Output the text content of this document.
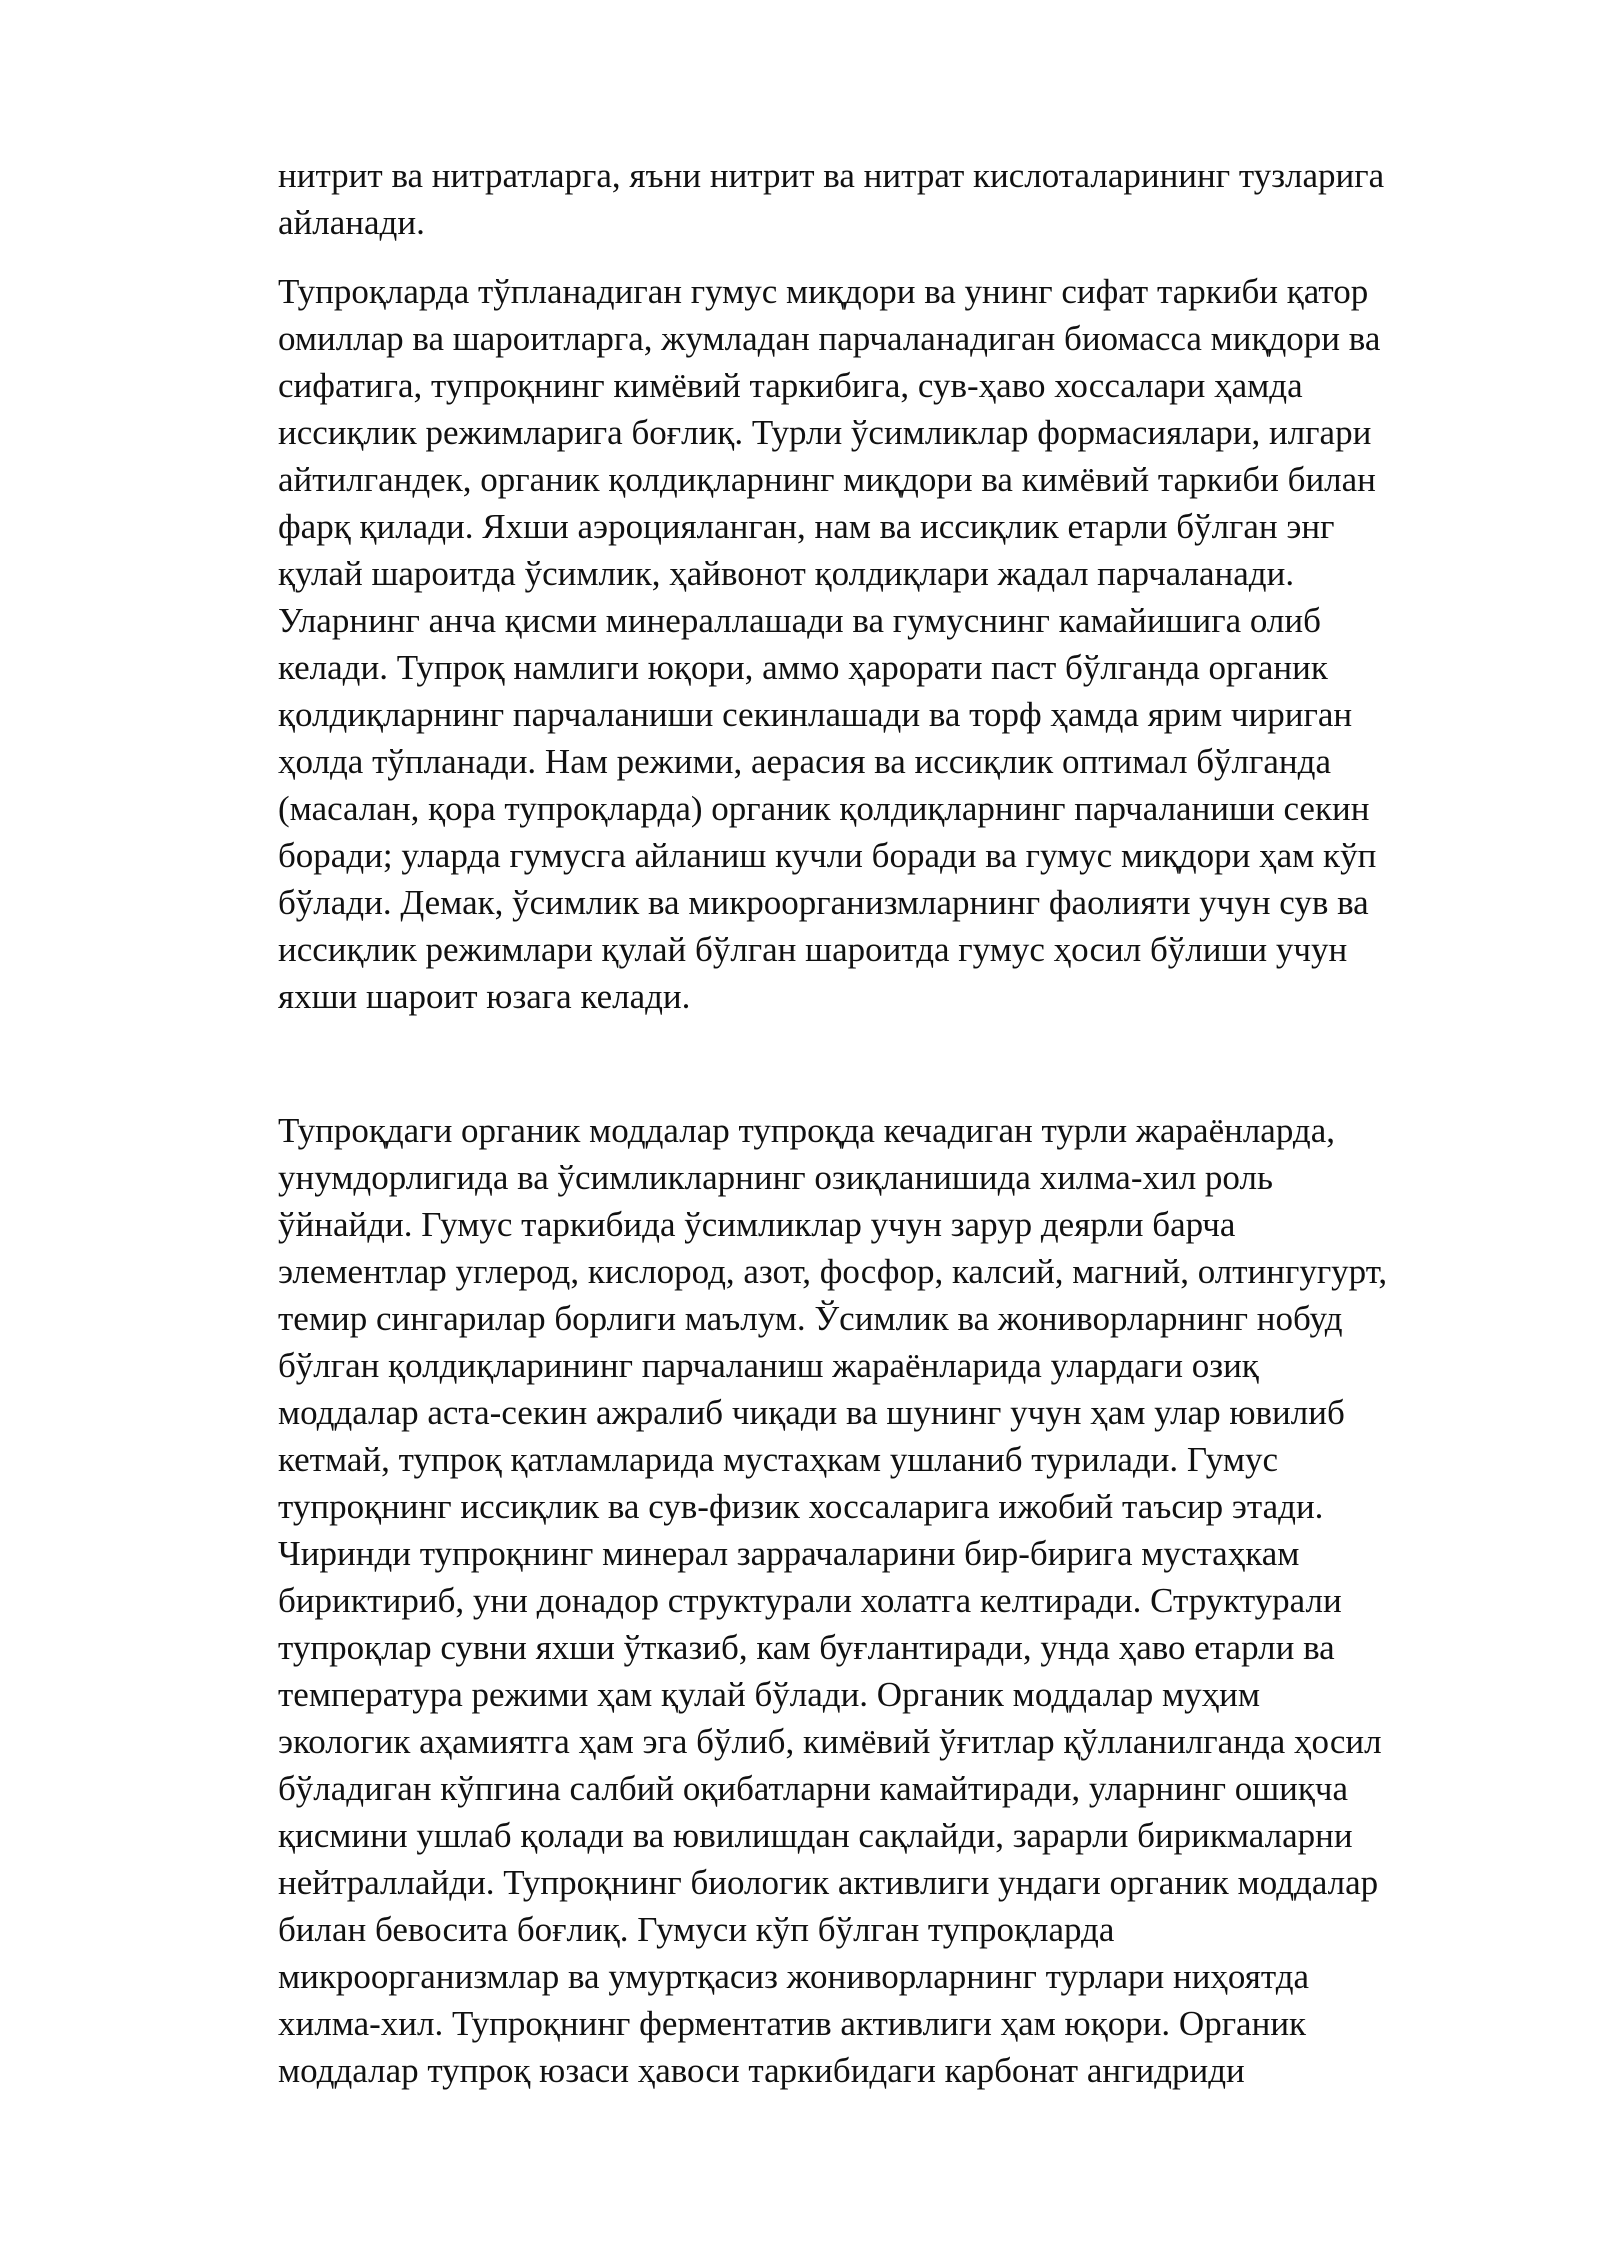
нитрит ва нитратларга, яъни нитрит ва нитрат кислоталарининг тузларига
айланади.
Тупроқларда тўпланадиган гумус миқдори ва унинг сифат таркиби қатор
омиллар ва шароитларга, жумладан парчаланадиган биомасса миқдори ва
сифатига, тупроқнинг кимёвий таркибига, сув-ҳаво хоссалари ҳамда
иссиқлик режимларига боғлиқ. Турли ўсимликлар формасиялари, илгари
айтилгандек, органик қолдиқларнинг миқдори ва кимёвий таркиби билан
фарқ қилади. Яхши аэроцияланган, нам ва иссиқлик етарли бўлган энг
қулай шароитда ўсимлик, ҳайвонот қолдиқлари жадал парчаланади.
Уларнинг анча қисми минераллашади ва гумуснинг камайишига олиб
келади. Тупроқ намлиги юқори, аммо ҳарорати паст бўлганда органик
қолдиқларнинг парчаланиши секинлашади ва торф ҳамда ярим чириган
ҳолда тўпланади. Нам режими, аерасия ва иссиқлик оптимал бўлганда
(масалан, қора тупроқларда) органик қолдиқларнинг парчаланиши секин
боради; уларда гумусга айланиш кучли боради ва гумус миқдори ҳам кўп
бўлади. Демак, ўсимлик ва микроорганизмларнинг фаолияти учун сув ва
иссиқлик режимлари қулай бўлган шароитда гумус ҳосил бўлиши учун
яхши шароит юзага келади.
Тупроқдаги органик моддалар тупроқда кечадиган турли жараёнларда,
унумдорлигида ва ўсимликларнинг озиқланишида хилма-хил роль
ўйнайди. Гумус таркибида ўсимликлар учун зарур деярли барча
элементлар углерод, кислород, азот, фосфор, калсий, магний, олтингугурт,
темир сингарилар борлиги маълум. Ўсимлик ва жониворларнинг нобуд
бўлган қолдиқларининг парчаланиш жараёнларида улардаги озиқ
моддалар аста-секин ажралиб чиқади ва шунинг учун ҳам улар ювилиб
кетмай, тупроқ қатламларида мустаҳкам ушланиб турилади. Гумус
тупроқнинг иссиқлик ва сув-физик хоссаларига ижобий таъсир этади.
Чиринди тупроқнинг минерал заррачаларини бир-бирига мустаҳкам
бириктириб, уни донадор структурали холатга келтиради. Структурали
тупроқлар сувни яхши ўтказиб, кам буғлантиради, унда ҳаво етарли ва
температура режими ҳам қулай бўлади. Органик моддалар муҳим
экологик аҳамиятга ҳам эга бўлиб, кимёвий ўғитлар қўлланилганда ҳосил
бўладиган кўпгина салбий оқибатларни камайтиради, уларнинг ошиқча
қисмини ушлаб қолади ва ювилишдан сақлайди, зарарли бирикмаларни
нейтраллайди. Тупроқнинг биологик активлиги ундаги органик моддалар
билан бевосита боғлиқ. Гумуси кўп бўлган тупроқларда
микроорганизмлар ва умуртқасиз жониворларнинг турлари ниҳоятда
хилма-хил. Тупроқнинг ферментатив активлиги ҳам юқори. Органик
моддалар тупроқ юзаси ҳавоси таркибидаги карбонат ангидриди
